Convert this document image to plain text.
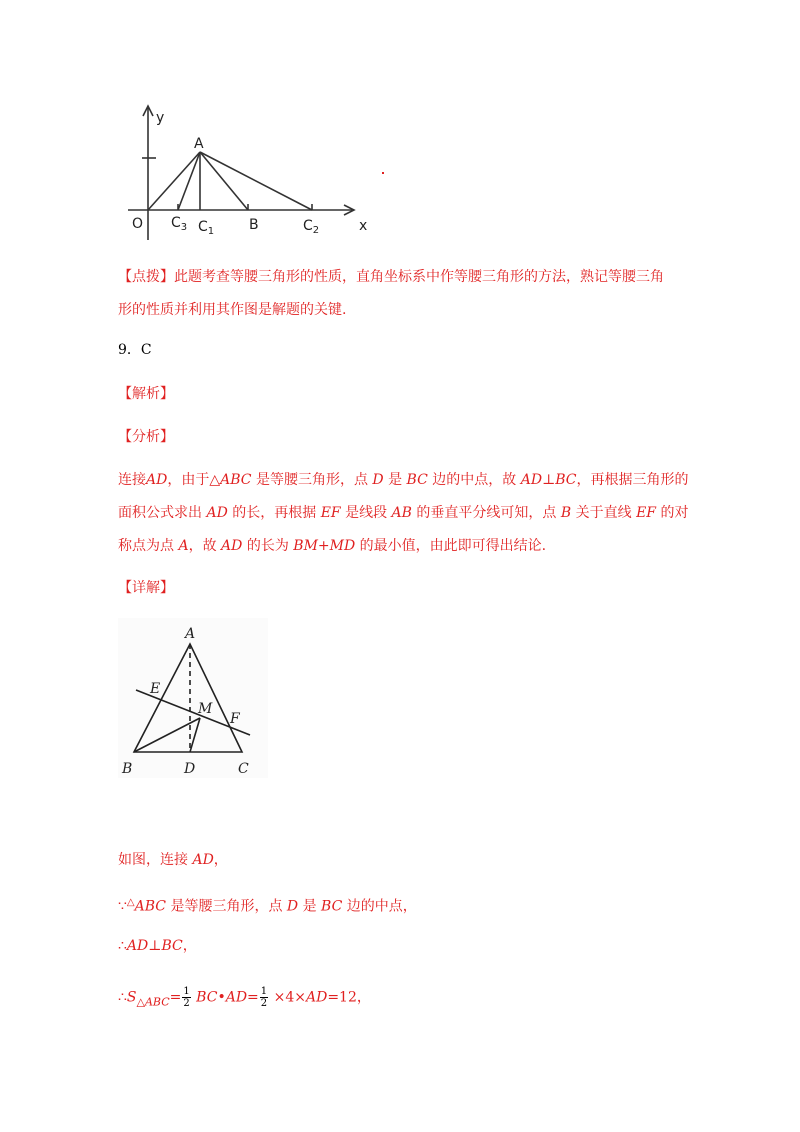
y
A
O $C_3$ $C_1$ B	$C_2$	x
【点拨】此题考查等腰三角形的性质，直角坐标系中作等腰三角形的方法，熟记等腰三角
形的性质并利用其作图是解题的关键.
9．C
【解析】
【分析】
连接AD，由于△ABC 是等腰三角形，点 D 是 BC 边的中点，故 AD⊥BC，再根据三角形的
面积公式求出 AD 的长，再根据 EF 是线段 AB 的垂直平分线可知，点 B 关于直线 EF 的对
称点为点 A，故 AD 的长为 BM+MD 的最小值，由此即可得出结论.
【详解】
A
E
M
F
B	D	C
如图，连接 AD，
∵△ABC 是等腰三角形，点 D 是 BC 边的中点，
∴AD⊥BC，
$\therefore S_{\triangle ABC}= \frac{1}{2}$ BC•AD= $\frac{1}{2} \times 4\times AD=12$，
